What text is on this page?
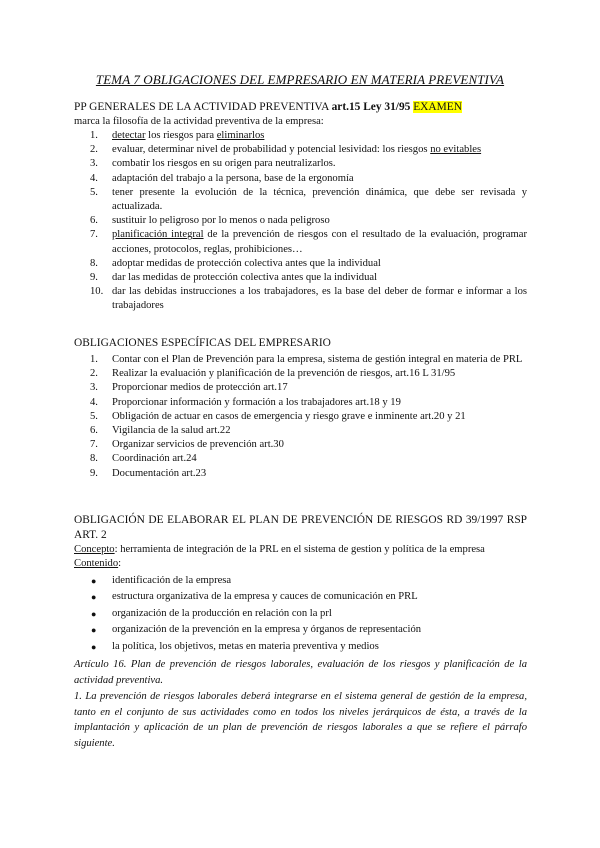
TEMA 7 OBLIGACIONES DEL EMPRESARIO EN MATERIA PREVENTIVA
PP GENERALES DE LA ACTIVIDAD PREVENTIVA art.15 Ley 31/95 EXAMEN

marca la filosofía de la actividad preventiva de la empresa:

1.	detectar los riesgos para eliminarlos
2.	evaluar, determinar nivel de probabilidad y potencial lesividad: los riesgos no evitables
3.	combatir los riesgos en su origen para neutralizarlos.
4.	adaptación del trabajo a la persona, base de la ergonomía
5.	tener presente la evolución de la técnica, prevención dinámica, que debe ser revisada y actualizada.
6.	sustituir lo peligroso por lo menos o nada peligroso
7.	planificación integral de la prevención de riesgos con el resultado de la evaluación, programar acciones, protocolos, reglas, prohibiciones…
8.	adoptar medidas de protección colectiva antes que la individual
9.	dar las medidas de protección colectiva antes que la individual
10. dar las debidas instrucciones a los trabajadores, es la base del deber de formar e informar a los trabajadores
OBLIGACIONES ESPECÍFICAS DEL EMPRESARIO
1.	Contar con el Plan de Prevención para la empresa, sistema de gestión integral en materia de PRL
2.	Realizar la evaluación y planificación de la prevención de riesgos, art.16 L 31/95
3.	Proporcionar medios de protección art.17
4.	Proporcionar información y formación a los trabajadores art.18 y 19
5.	Obligación de actuar en casos de emergencia y riesgo grave e inminente art.20 y 21
6.	Vigilancia de la salud art.22
7.	Organizar servicios de prevención art.30
8.	Coordinación art.24
9.	Documentación art.23
OBLIGACIÓN DE ELABORAR EL PLAN DE PREVENCIÓN DE RIESGOS RD 39/1997 RSP
ART. 2

Concepto: herramienta de integración de la PRL en el sistema de gestion y política de la empresa

Contenido:

● identificación de la empresa
● estructura organizativa de la empresa y cauces de comunicación en PRL
● organización de la producción en relación con la prl
● organización de la prevención en la empresa y órganos de representación
● la política, los objetivos, metas en materia preventiva y medios
Artículo 16. Plan de prevención de riesgos laborales, evaluación de los riesgos y planificación de la actividad preventiva.
1. La prevención de riesgos laborales deberá integrarse en el sistema general de gestión de la empresa, tanto en el conjunto de sus actividades como en todos los niveles jerárquicos de ésta, a través de la implantación y aplicación de un plan de prevención de riesgos laborales a que se refiere el párrafo siguiente.
